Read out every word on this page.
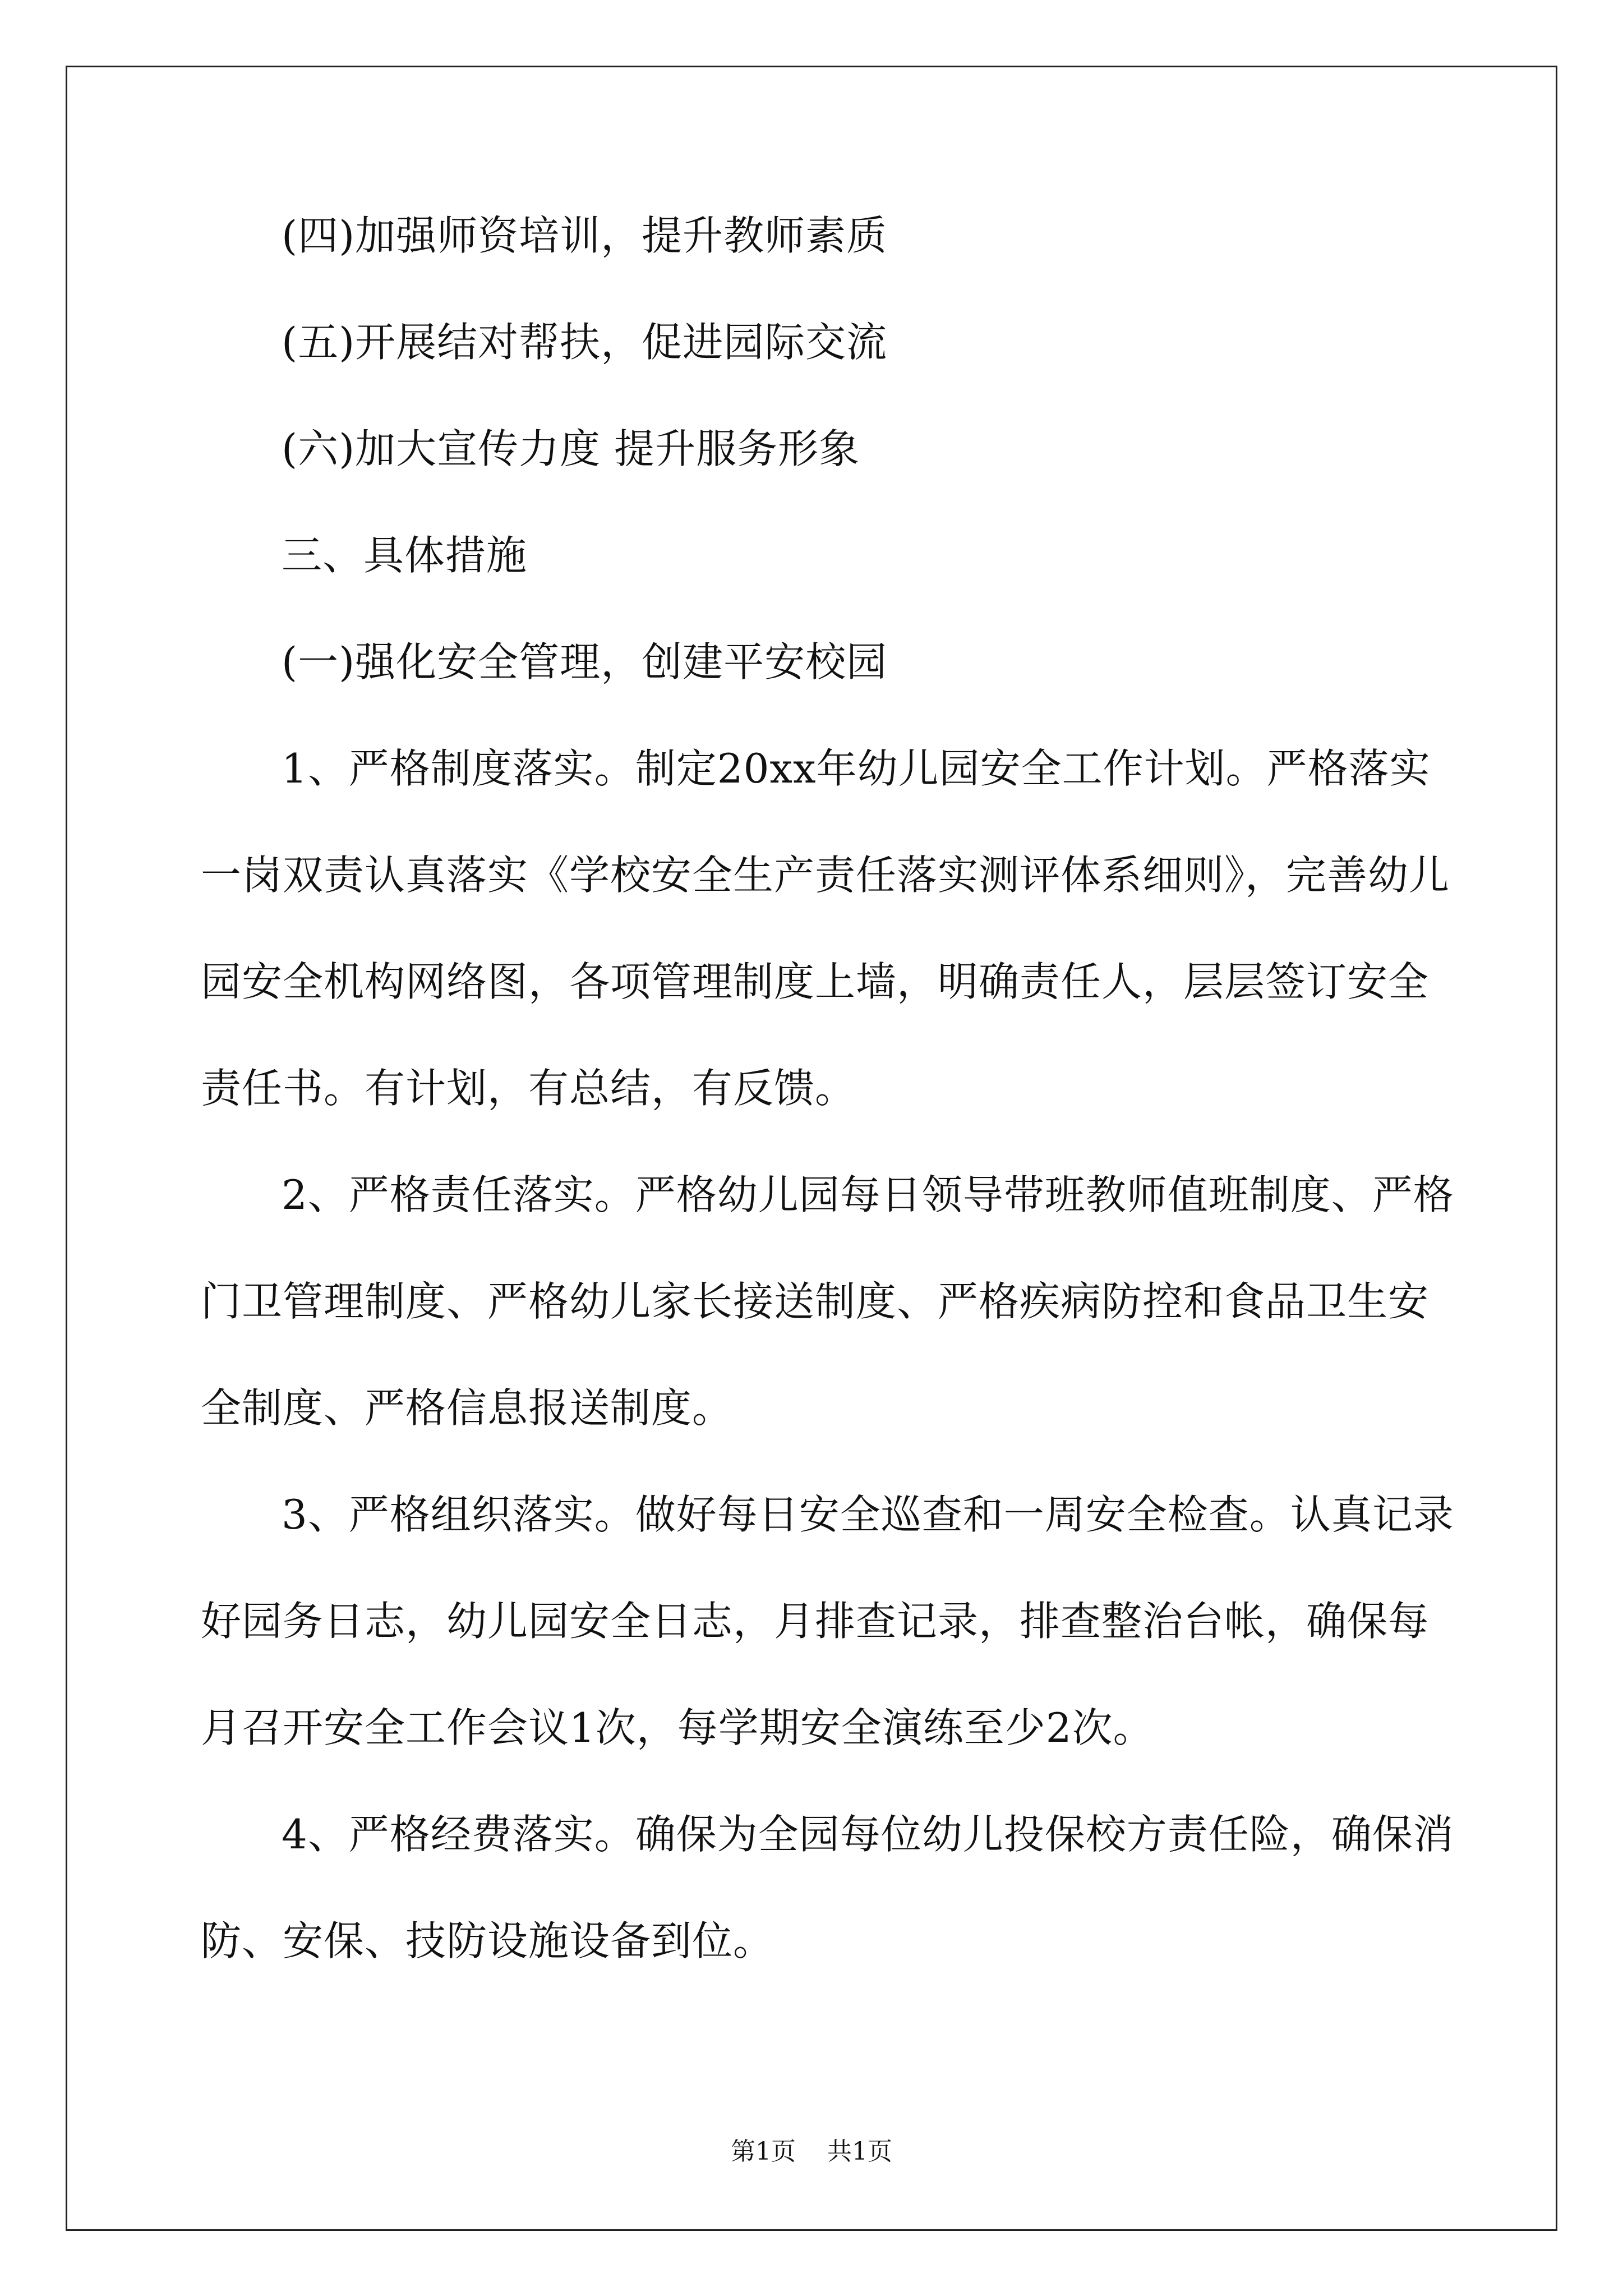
(四)加强师资培训，提升教师素质
(五)开展结对帮扶，促进园际交流
(六)加大宣传力度 提升服务形象
三、具体措施
(一)强化安全管理，创建平安校园
1、严格制度落实。制定20xx年幼儿园安全工作计划。严格落实
一岗双责认真落实《学校安全生产责任落实测评体系细则》，完善幼儿
园安全机构网络图，各项管理制度上墙，明确责任人，层层签订安全
责任书。有计划，有总结，有反馈。
2、严格责任落实。严格幼儿园每日领导带班教师值班制度、严格
门卫管理制度、严格幼儿家长接送制度、严格疾病防控和食品卫生安
全制度、严格信息报送制度。
3、严格组织落实。做好每日安全巡查和一周安全检查。认真记录
好园务日志，幼儿园安全日志，月排查记录，排查整治台帐，确保每
月召开安全工作会议1次，每学期安全演练至少2次。
4、严格经费落实。确保为全园每位幼儿投保校方责任险，确保消
防、安保、技防设施设备到位。
第1页 共1页
